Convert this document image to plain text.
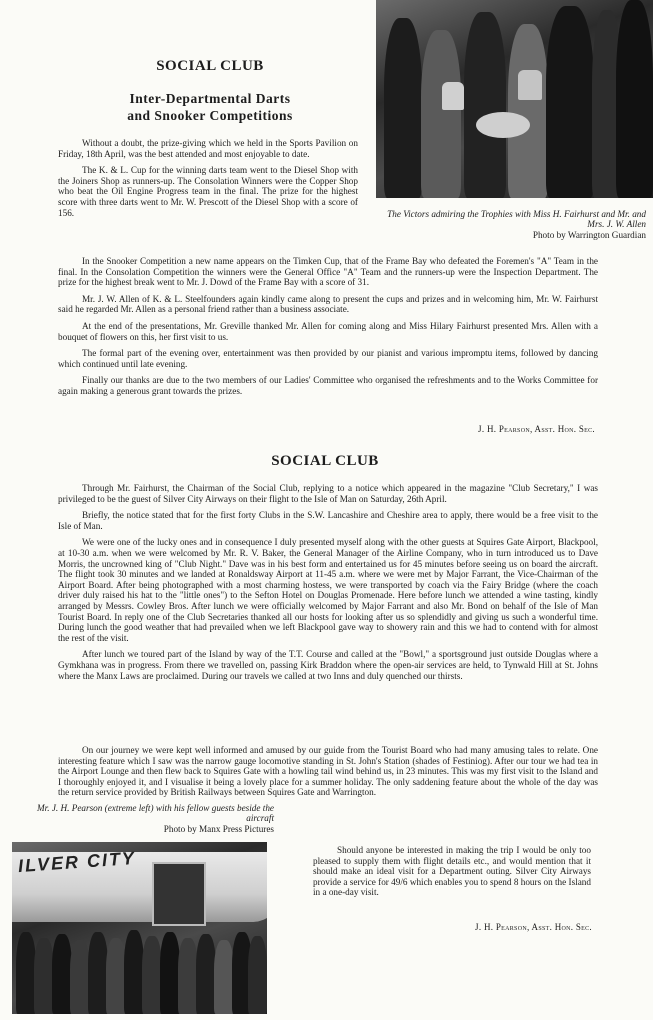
SOCIAL CLUB
Inter-Departmental Darts
and Snooker Competitions

Without a doubt, the prize-giving which we held in the Sports Pavilion on Friday, 18th April, was the best attended and most enjoyable to date.

The K. & L. Cup for the winning darts team went to the Diesel Shop with the Joiners Shop as runners-up. The Consolation Winners were the Copper Shop who beat the Oil Engine Progress team in the final. The prize for the highest score with three darts went to Mr. W. Prescott of the Diesel Shop with a score of 156.	The Victors admiring the Trophies with Miss H. Fairhurst and Mr. and Mrs. J. W. Allen
Photo by Warrington Guardian

In the Snooker Competition a new name appears on the Timken Cup, that of the Frame Bay who defeated the Foremen's "A" Team in the final. In the Consolation Competition the winners were the General Office "A" Team and the runners-up were the Inspection Department. The prize for the highest break went to Mr. J. Dowd of the Frame Bay with a score of 31.

Mr. J. W. Allen of K. & L. Steelfounders again kindly came along to present the cups and prizes and in welcoming him, Mr. W. Fairhurst said he regarded Mr. Allen as a personal friend rather than a business associate.

At the end of the presentations, Mr. Greville thanked Mr. Allen for coming along and Miss Hilary Fairhurst presented Mrs. Allen with a bouquet of flowers on this, her first visit to us.

The formal part of the evening over, entertainment was then provided by our pianist and various impromptu items, followed by dancing which continued until late evening.

Finally our thanks are due to the two members of our Ladies' Committee who organised the refreshments and to the Works Committee for again making a generous grant towards the prizes.

J. H. Pearson, Asst. Hon. Sec.
SOCIAL CLUB

Through Mr. Fairhurst, the Chairman of the Social Club, replying to a notice which appeared in the magazine "Club Secretary," I was privileged to be the guest of Silver City Airways on their flight to the Isle of Man on Saturday, 26th April.

Briefly, the notice stated that for the first forty Clubs in the S.W. Lancashire and Cheshire area to apply, there would be a free visit to the Isle of Man.

We were one of the lucky ones and in consequence I duly presented myself along with the other guests at Squires Gate Airport, Blackpool, at 10-30 a.m. when we were welcomed by Mr. R. V. Baker, the General Manager of the Airline Company, who in turn introduced us to Dave Morris, the uncrowned king of "Club Night." Dave was in his best form and entertained us for 45 minutes before seeing us on board the aircraft. The flight took 30 minutes and we landed at Ronaldsway Airport at 11-45 a.m. where we were met by Major Farrant, the Vice-Chairman of the Airport Board. After being photographed with a most charming hostess, we were transported by coach via the Fairy Bridge (where the coach driver duly raised his hat to the "little ones") to the Sefton Hotel on Douglas Promenade. Here before lunch we attended a wine tasting, kindly arranged by Messrs. Cowley Bros. After lunch we were officially welcomed by Major Farrant and also Mr. Bond on behalf of the Isle of Man Tourist Board. In reply one of the Club Secretaries thanked all our hosts for looking after us so splendidly and giving us such a wonderful time. During lunch the good weather that had prevailed when we left Blackpool gave way to showery rain and this we had to contend with for almost the rest of the visit.

After lunch we toured part of the Island by way of the T.T. Course and called at the "Bowl," a sportsground just outside Douglas where a Gymkhana was in progress. From there we travelled on, passing Kirk Braddon where the open-air services are held, to Tynwald Hill at St. Johns where the Manx Laws are proclaimed. During our travels we called at two Inns and duly quenched our thirsts.

On our journey we were kept well informed and amused by our guide from the Tourist Board who had many amusing tales to relate. One interesting feature which I saw was the narrow gauge locomotive standing in St. John's Station (shades of Festiniog). After our tour we had tea in the Airport Lounge and then flew back to Squires Gate with a howling tail wind behind us, in 23 minutes. This was my first visit to the Island and I thoroughly enjoyed it, and I visualise it being a lovely place for a summer holiday. The only saddening feature about the whole of the day was the return service provided by British Railways between Squires Gate and Warrington.

Mr. J. H. Pearson (extreme left) with his fellow guests beside the aircraft
Photo by Manx Press Pictures
ILVER CITY	Should anyone be interested in making the trip I would be only too pleased to supply them with flight details etc., and would mention that it should make an ideal visit for a Department outing. Silver City Airways provide a service for 49/6 which enables you to spend 8 hours on the Island in a one-day visit.

J. H. Pearson, Asst. Hon. Sec.
